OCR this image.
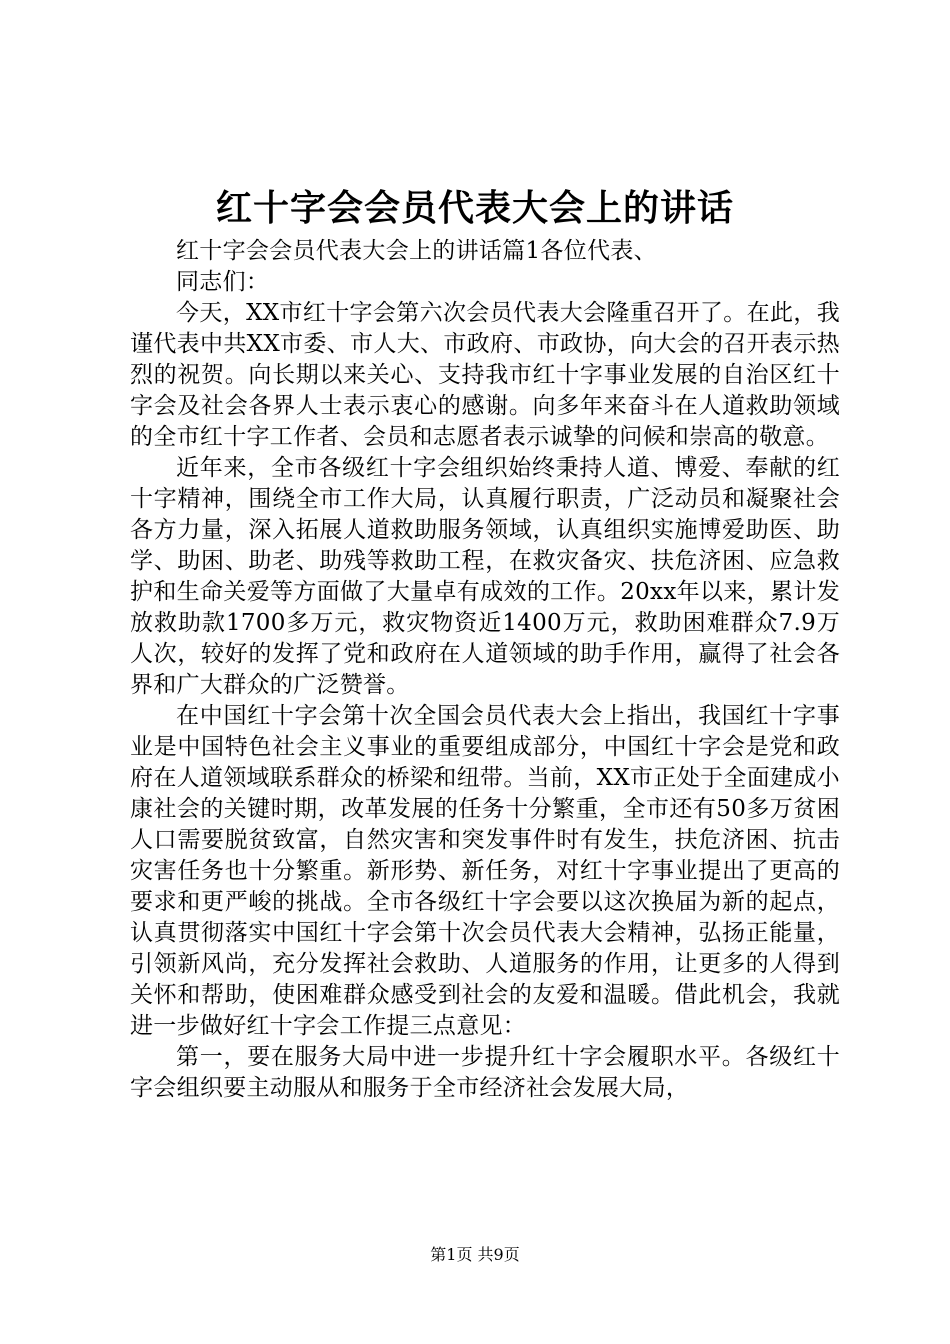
红十字会会员代表大会上的讲话

红十字会会员代表大会上的讲话篇1各位代表、

同志们：

今天，XX市红十字会第六次会员代表大会隆重召开了。在此，我谨代表中共XX市委、市人大、市政府、市政协，向大会的召开表示热烈的祝贺。向长期以来关心、支持我市红十字事业发展的自治区红十字会及社会各界人士表示衷心的感谢。向多年来奋斗在人道救助领域的全市红十字工作者、会员和志愿者表示诚挚的问候和崇高的敬意。

近年来，全市各级红十字会组织始终秉持人道、博爱、奉献的红十字精神，围绕全市工作大局，认真履行职责，广泛动员和凝聚社会各方力量，深入拓展人道救助服务领域，认真组织实施博爱助医、助学、助困、助老、助残等救助工程，在救灾备灾、扶危济困、应急救护和生命关爱等方面做了大量卓有成效的工作。20xx年以来，累计发放救助款1700多万元，救灾物资近1400万元，救助困难群众7.9万人次，较好的发挥了党和政府在人道领域的助手作用，赢得了社会各界和广大群众的广泛赞誉。

在中国红十字会第十次全国会员代表大会上指出，我国红十字事业是中国特色社会主义事业的重要组成部分，中国红十字会是党和政府在人道领域联系群众的桥梁和纽带。当前，XX市正处于全面建成小康社会的关键时期，改革发展的任务十分繁重，全市还有50多万贫困人口需要脱贫致富，自然灾害和突发事件时有发生，扶危济困、抗击灾害任务也十分繁重。新形势、新任务，对红十字事业提出了更高的要求和更严峻的挑战。全市各级红十字会要以这次换届为新的起点，认真贯彻落实中国红十字会第十次会员代表大会精神，弘扬正能量，引领新风尚，充分发挥社会救助、人道服务的作用，让更多的人得到关怀和帮助，使困难群众感受到社会的友爱和温暖。借此机会，我就进一步做好红十字会工作提三点意见：

第一，要在服务大局中进一步提升红十字会履职水平。各级红十字会组织要主动服从和服务于全市经济社会发展大局，

第1页 共9页
